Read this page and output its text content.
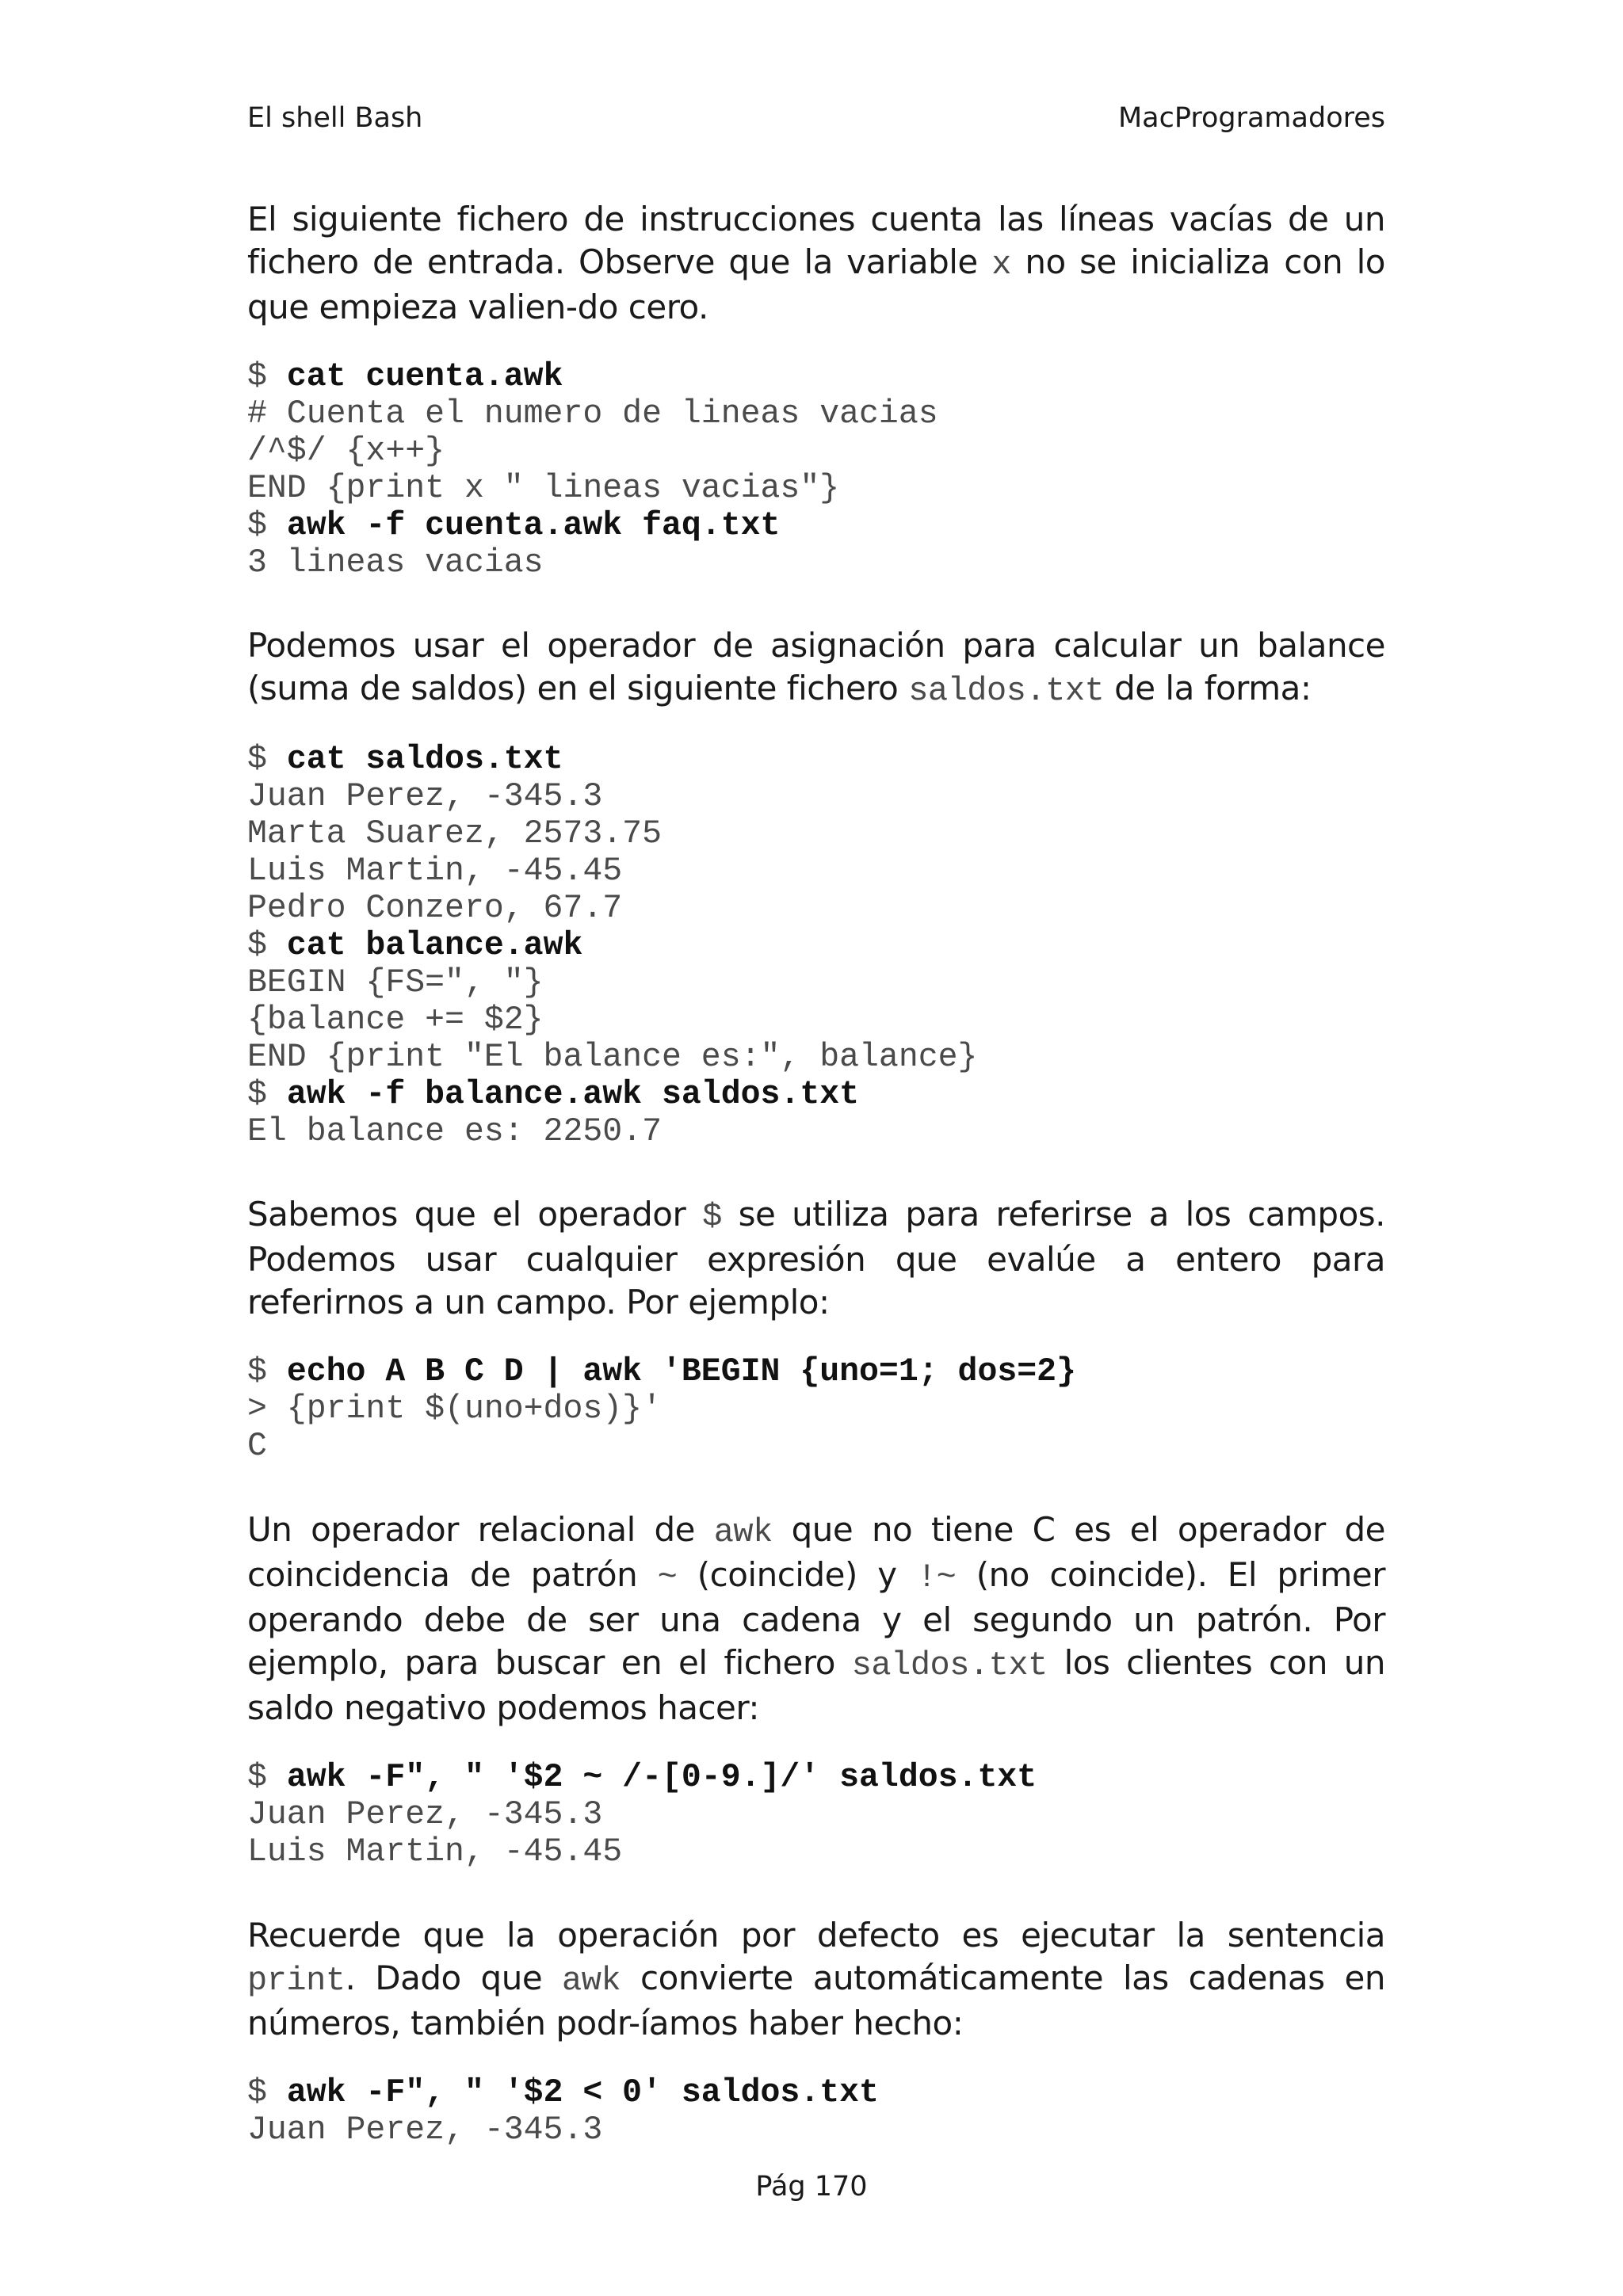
El shell Bash	MacProgramadores

El siguiente fichero de instrucciones cuenta las líneas vacías de un fichero de entrada. Observe que la variable x no se inicializa con lo que empieza valien-do cero.

$ cat cuenta.awk
# Cuenta el numero de lineas vacias
/^$/ {x++}
END {print x " lineas vacias"}
$ awk -f cuenta.awk faq.txt
3 lineas vacias

Podemos usar el operador de asignación para calcular un balance (suma de saldos) en el siguiente fichero saldos.txt de la forma:

$ cat saldos.txt
Juan Perez, -345.3
Marta Suarez, 2573.75
Luis Martin, -45.45
Pedro Conzero, 67.7
$ cat balance.awk
BEGIN {FS=", "}
{balance += $2}
END {print "El balance es:", balance}
$ awk -f balance.awk saldos.txt
El balance es: 2250.7

Sabemos que el operador $ se utiliza para referirse a los campos. Podemos usar cualquier expresión que evalúe a entero para referirnos a un campo. Por ejemplo:

$ echo A B C D | awk 'BEGIN {uno=1; dos=2}
> {print $(uno+dos)}'
C

Un operador relacional de awk que no tiene C es el operador de coincidencia de patrón ~ (coincide) y !~ (no coincide). El primer operando debe de ser una cadena y el segundo un patrón. Por ejemplo, para buscar en el fichero saldos.txt los clientes con un saldo negativo podemos hacer:

$ awk -F", " '$2 ~ /-[0-9.]/' saldos.txt
Juan Perez, -345.3
Luis Martin, -45.45

Recuerde que la operación por defecto es ejecutar la sentencia print. Dado que awk convierte automáticamente las cadenas en números, también podr-íamos haber hecho:

$ awk -F", " '$2 < 0' saldos.txt
Juan Perez, -345.3
Pág 170
